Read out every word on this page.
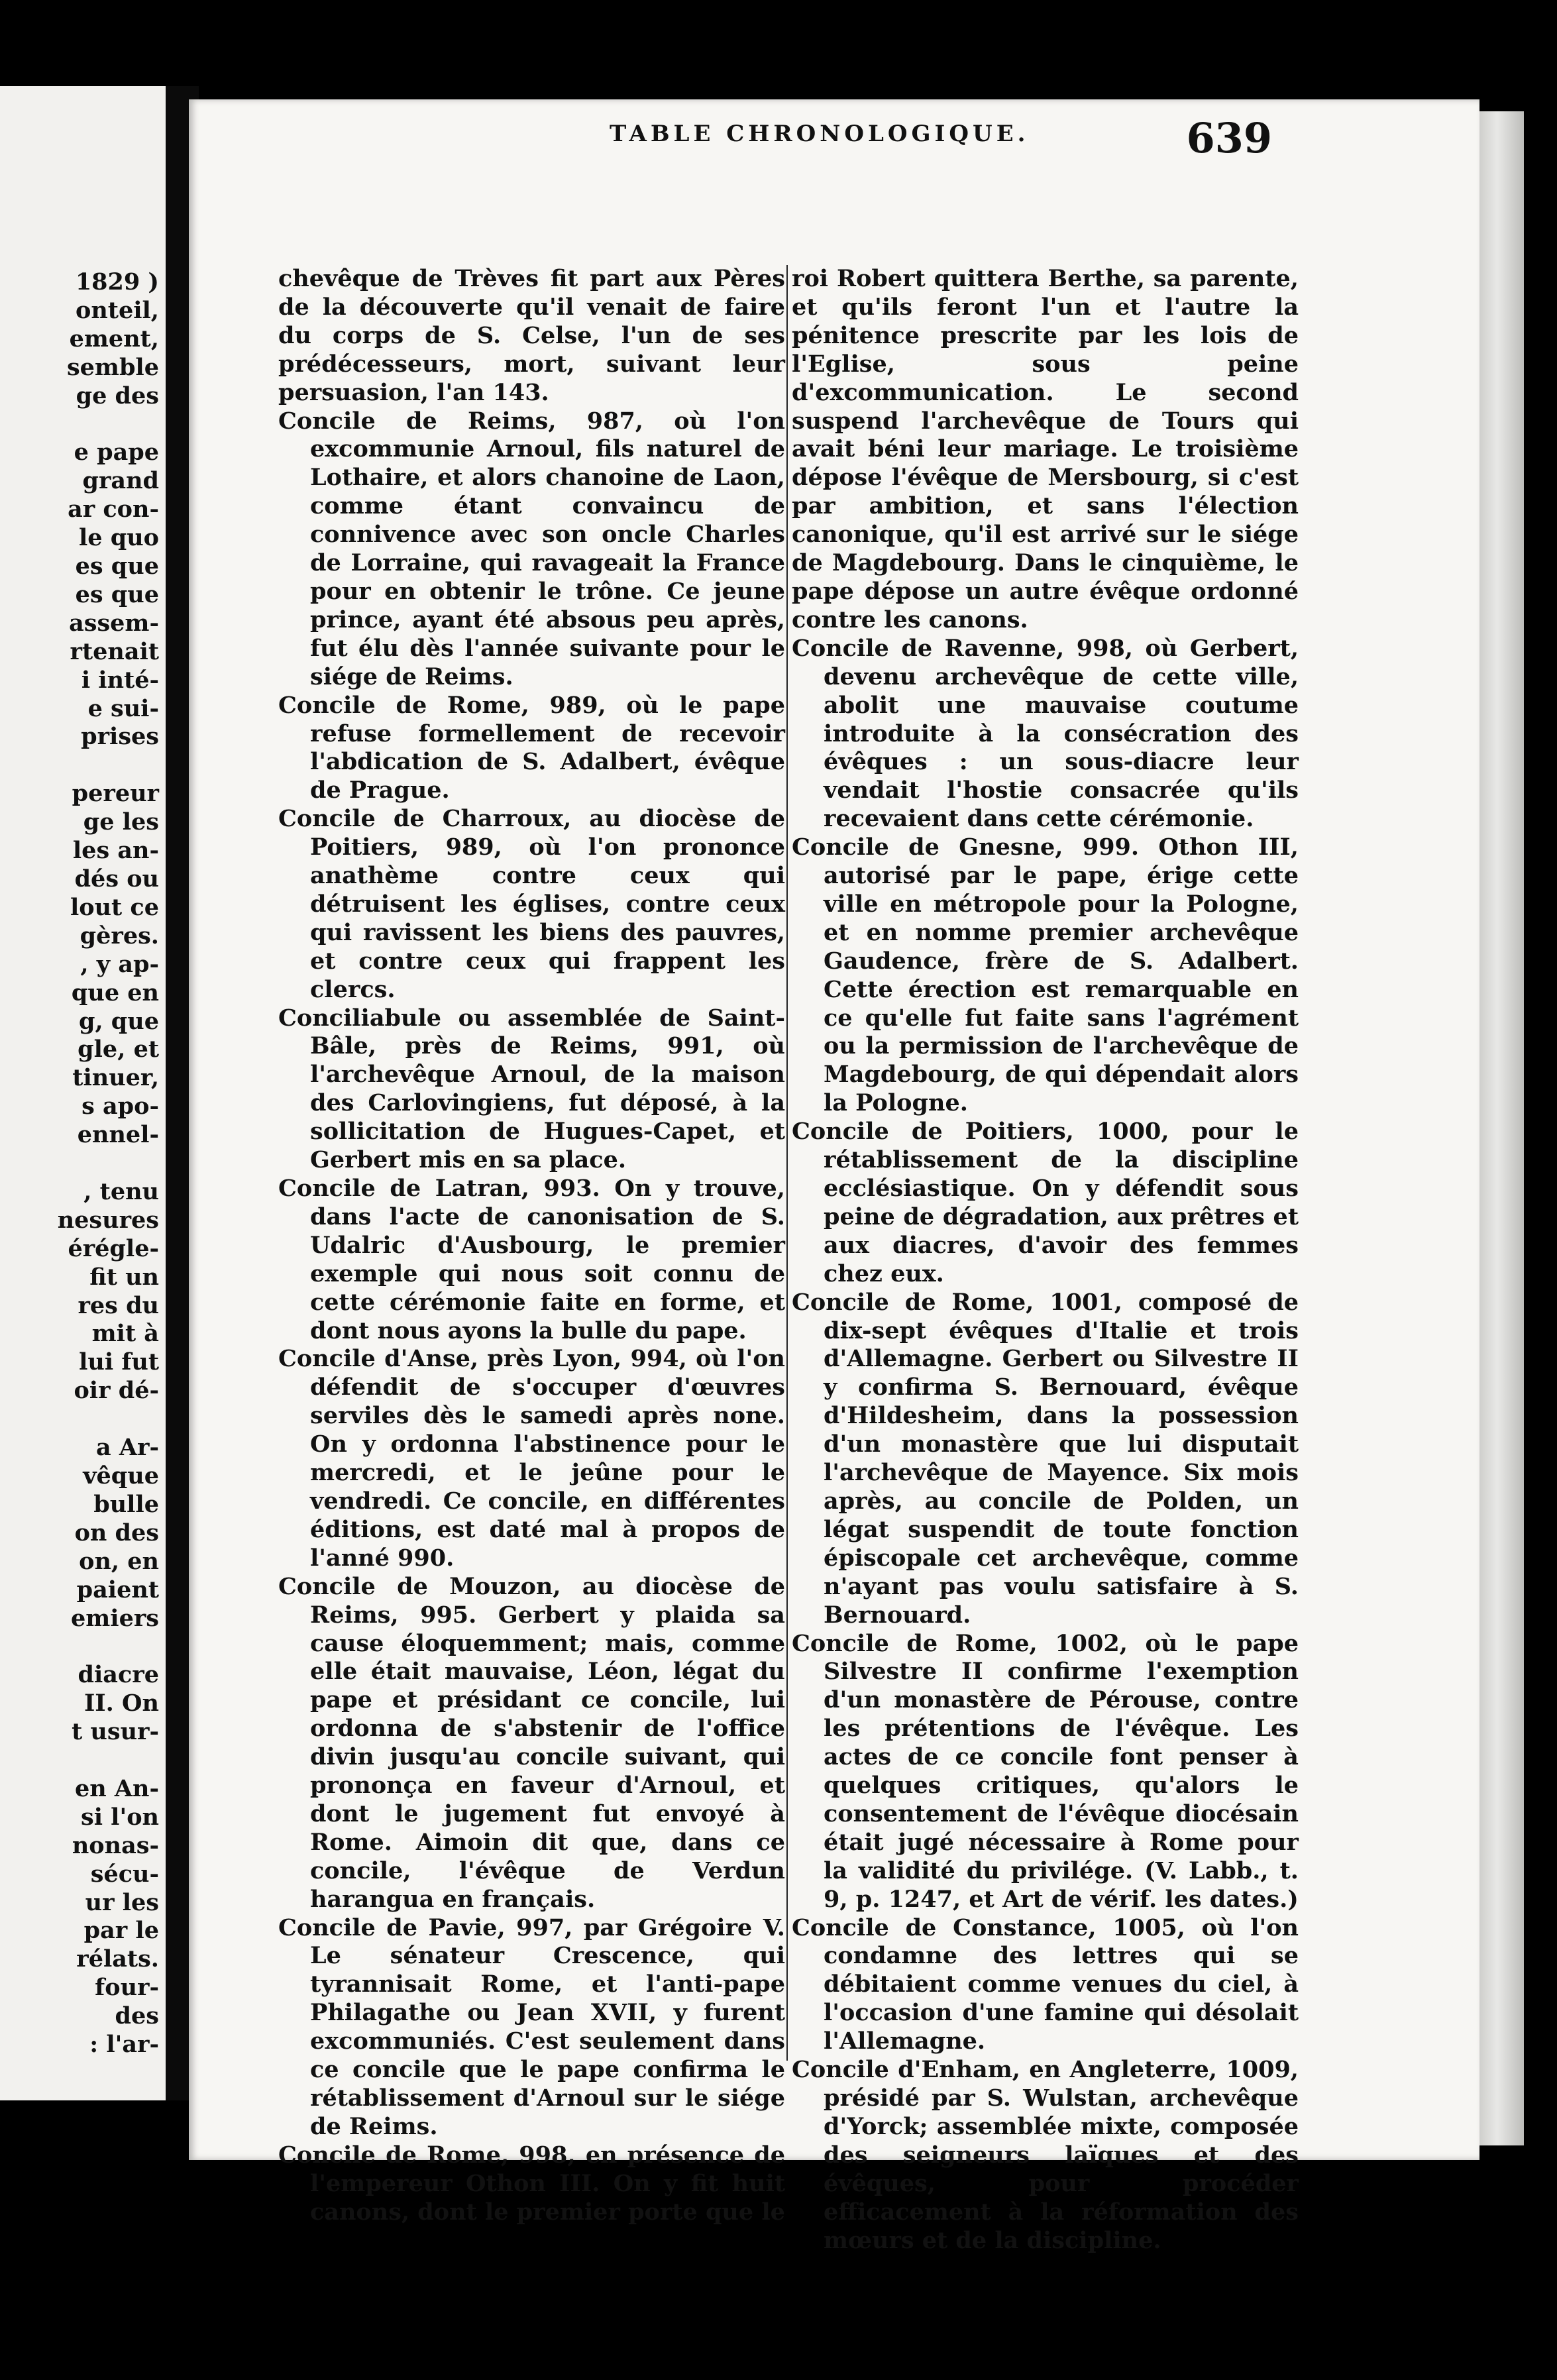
1829 )
onteil,
ement,
semble
ge des
e pape
grand
ar con-
le quo
es que
es que
assem-
rtenait
i inté-
e sui-
prises
pereur
ge les
les an-
dés ou
lout ce
gères.
, y ap-
que en
g, que
gle, et
tinuer,
s apo-
ennel-
, tenu
nesures
érégle-
fit un
res du
mit à
lui fut
oir dé-
a Ar-
vêque
bulle
on des
on, en
paient
emiers
diacre
II. On
t usur-
en An-
si l'on
nonas-
sécu-
ur les
par le
rélats.
four-
des
: l'ar-
TABLE CHRONOLOGIQUE.	639

chevêque de Trèves fit part aux Pères de la découverte qu'il venait de faire du corps de S. Celse, l'un de ses prédécesseurs, mort, suivant leur persuasion, l'an 143.

Concile de Reims, 987, où l'on excommunie Arnoul, fils naturel de Lothaire, et alors chanoine de Laon, comme étant convaincu de connivence avec son oncle Charles de Lorraine, qui ravageait la France pour en obtenir le trône. Ce jeune prince, ayant été absous peu après, fut élu dès l'année suivante pour le siége de Reims.

Concile de Rome, 989, où le pape refuse formellement de recevoir l'abdication de S. Adalbert, évêque de Prague.

Concile de Charroux, au diocèse de Poitiers, 989, où l'on prononce anathème contre ceux qui détruisent les églises, contre ceux qui ravissent les biens des pauvres, et contre ceux qui frappent les clercs.

Conciliabule ou assemblée de Saint-Bâle, près de Reims, 991, où l'archevêque Arnoul, de la maison des Carlovingiens, fut déposé, à la sollicitation de Hugues-Capet, et Gerbert mis en sa place.

Concile de Latran, 993. On y trouve, dans l'acte de canonisation de S. Udalric d'Ausbourg, le premier exemple qui nous soit connu de cette cérémonie faite en forme, et dont nous ayons la bulle du pape.

Concile d'Anse, près Lyon, 994, où l'on défendit de s'occuper d'œuvres serviles dès le samedi après none. On y ordonna l'abstinence pour le mercredi, et le jeûne pour le vendredi. Ce concile, en différentes éditions, est daté mal à propos de l'anné 990.

Concile de Mouzon, au diocèse de Reims, 995. Gerbert y plaida sa cause éloquemment; mais, comme elle était mauvaise, Léon, légat du pape et présidant ce concile, lui ordonna de s'abstenir de l'office divin jusqu'au concile suivant, qui prononça en faveur d'Arnoul, et dont le jugement fut envoyé à Rome. Aimoin dit que, dans ce concile, l'évêque de Verdun harangua en français.

Concile de Pavie, 997, par Grégoire V. Le sénateur Crescence, qui tyrannisait Rome, et l'anti-pape Philagathe ou Jean XVII, y furent excommuniés. C'est seulement dans ce concile que le pape confirma le rétablissement d'Arnoul sur le siége de Reims.

Concile de Rome, 998, en présence de l'empereur Othon III. On y fit huit canons, dont le premier porte que le

roi Robert quittera Berthe, sa parente, et qu'ils feront l'un et l'autre la pénitence prescrite par les lois de l'Eglise, sous peine d'excommunication. Le second suspend l'archevêque de Tours qui avait béni leur mariage. Le troisième dépose l'évêque de Mersbourg, si c'est par ambition, et sans l'élection canonique, qu'il est arrivé sur le siége de Magdebourg. Dans le cinquième, le pape dépose un autre évêque ordonné contre les canons.

Concile de Ravenne, 998, où Gerbert, devenu archevêque de cette ville, abolit une mauvaise coutume introduite à la consécration des évêques : un sous-diacre leur vendait l'hostie consacrée qu'ils recevaient dans cette cérémonie.

Concile de Gnesne, 999. Othon III, autorisé par le pape, érige cette ville en métropole pour la Pologne, et en nomme premier archevêque Gaudence, frère de S. Adalbert. Cette érection est remarquable en ce qu'elle fut faite sans l'agrément ou la permission de l'archevêque de Magdebourg, de qui dépendait alors la Pologne.

Concile de Poitiers, 1000, pour le rétablissement de la discipline ecclésiastique. On y défendit sous peine de dégradation, aux prêtres et aux diacres, d'avoir des femmes chez eux.

Concile de Rome, 1001, composé de dix-sept évêques d'Italie et trois d'Allemagne. Gerbert ou Silvestre II y confirma S. Bernouard, évêque d'Hildesheim, dans la possession d'un monastère que lui disputait l'archevêque de Mayence. Six mois après, au concile de Polden, un légat suspendit de toute fonction épiscopale cet archevêque, comme n'ayant pas voulu satisfaire à S. Bernouard.

Concile de Rome, 1002, où le pape Silvestre II confirme l'exemption d'un monastère de Pérouse, contre les prétentions de l'évêque. Les actes de ce concile font penser à quelques critiques, qu'alors le consentement de l'évêque diocésain était jugé nécessaire à Rome pour la validité du privilége. (V. Labb., t. 9, p. 1247, et Art de vérif. les dates.)

Concile de Constance, 1005, où l'on condamne des lettres qui se débitaient comme venues du ciel, à l'occasion d'une famine qui désolait l'Allemagne.

Concile d'Enham, en Angleterre, 1009, présidé par S. Wulstan, archevêque d'Yorck; assemblée mixte, composée des seigneurs laïques et des évêques, pour procéder efficacement à la réformation des mœurs et de la discipline.
